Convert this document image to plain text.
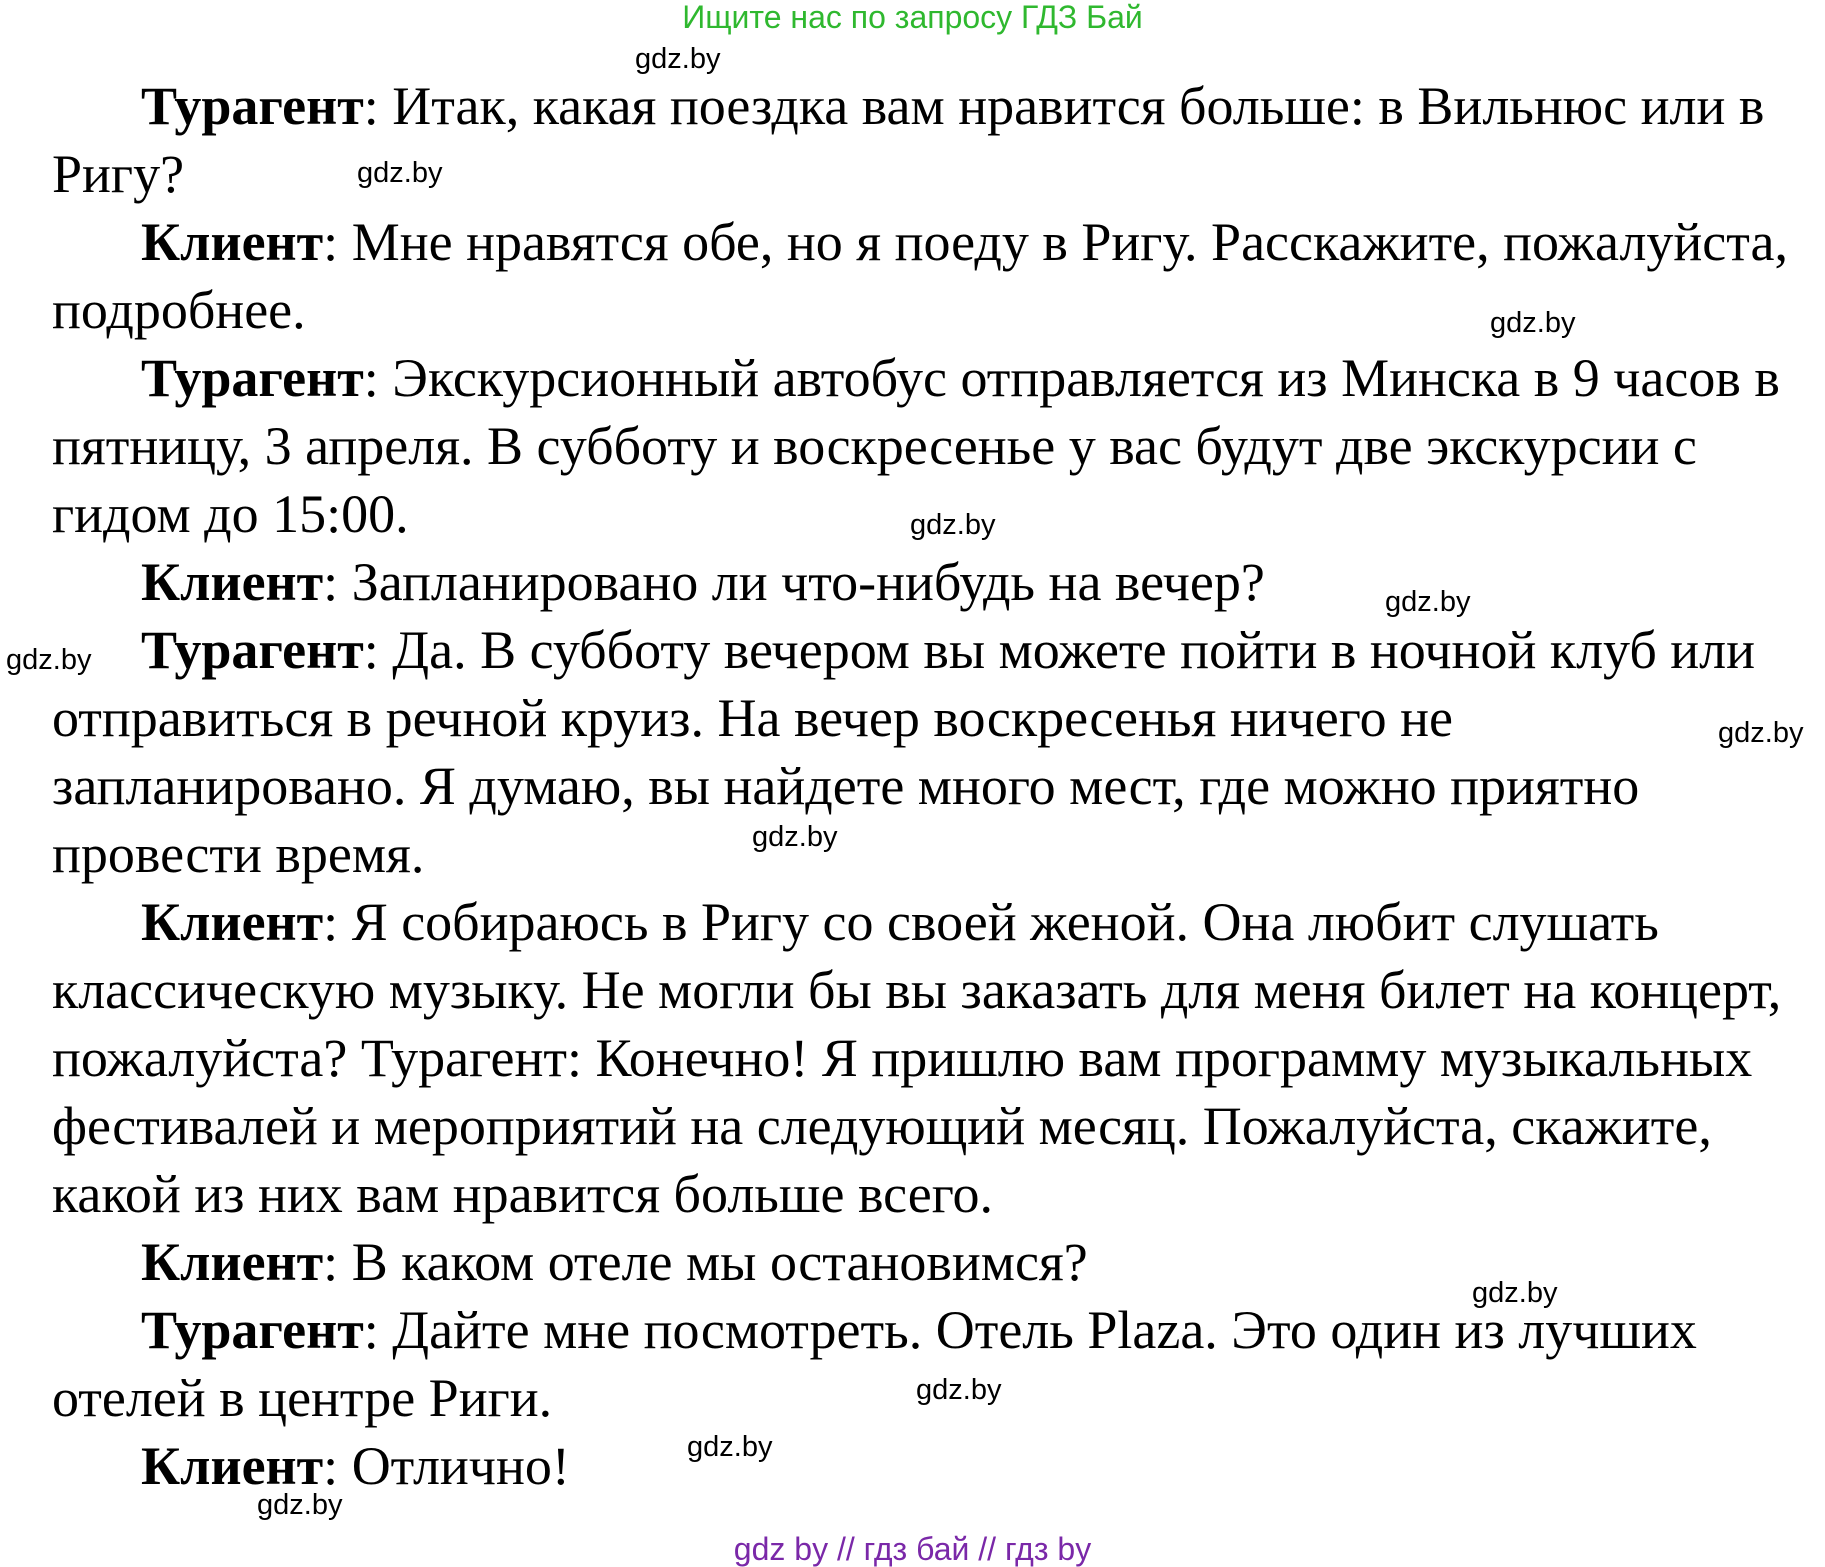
Ищите нас по запросу ГДЗ Бай

Турагент: Итак, какая поездка вам нравится больше: в Вильнюс или в Ригу?

Клиент: Мне нравятся обе, но я поеду в Ригу. Расскажите, пожалуйста, подробнее.

Турагент: Экскурсионный автобус отправляется из Минска в 9 часов в пятницу, 3 апреля. В субботу и воскресенье у вас будут две экскурсии с гидом до 15:00.

Клиент: Запланировано ли что-нибудь на вечер?

Турагент: Да. В субботу вечером вы можете пойти в ночной клуб или отправиться в речной круиз. На вечер воскресенья ничего не запланировано. Я думаю, вы найдете много мест, где можно приятно провести время.

Клиент: Я собираюсь в Ригу со своей женой. Она любит слушать классическую музыку. Не могли бы вы заказать для меня билет на концерт, пожалуйста? Турагент: Конечно! Я пришлю вам программу музыкальных фестивалей и мероприятий на следующий месяц. Пожалуйста, скажите, какой из них вам нравится больше всего.

Клиент: В каком отеле мы остановимся?

Турагент: Дайте мне посмотреть. Отель Plaza. Это один из лучших отелей в центре Риги.

Клиент: Отлично!

gdz.by
gdz.by
gdz.by
gdz.by
gdz.by
gdz.by
gdz.by
gdz.by
gdz.by
gdz.by
gdz.by
gdz.by
gdz by // гдз бай // гдз by
